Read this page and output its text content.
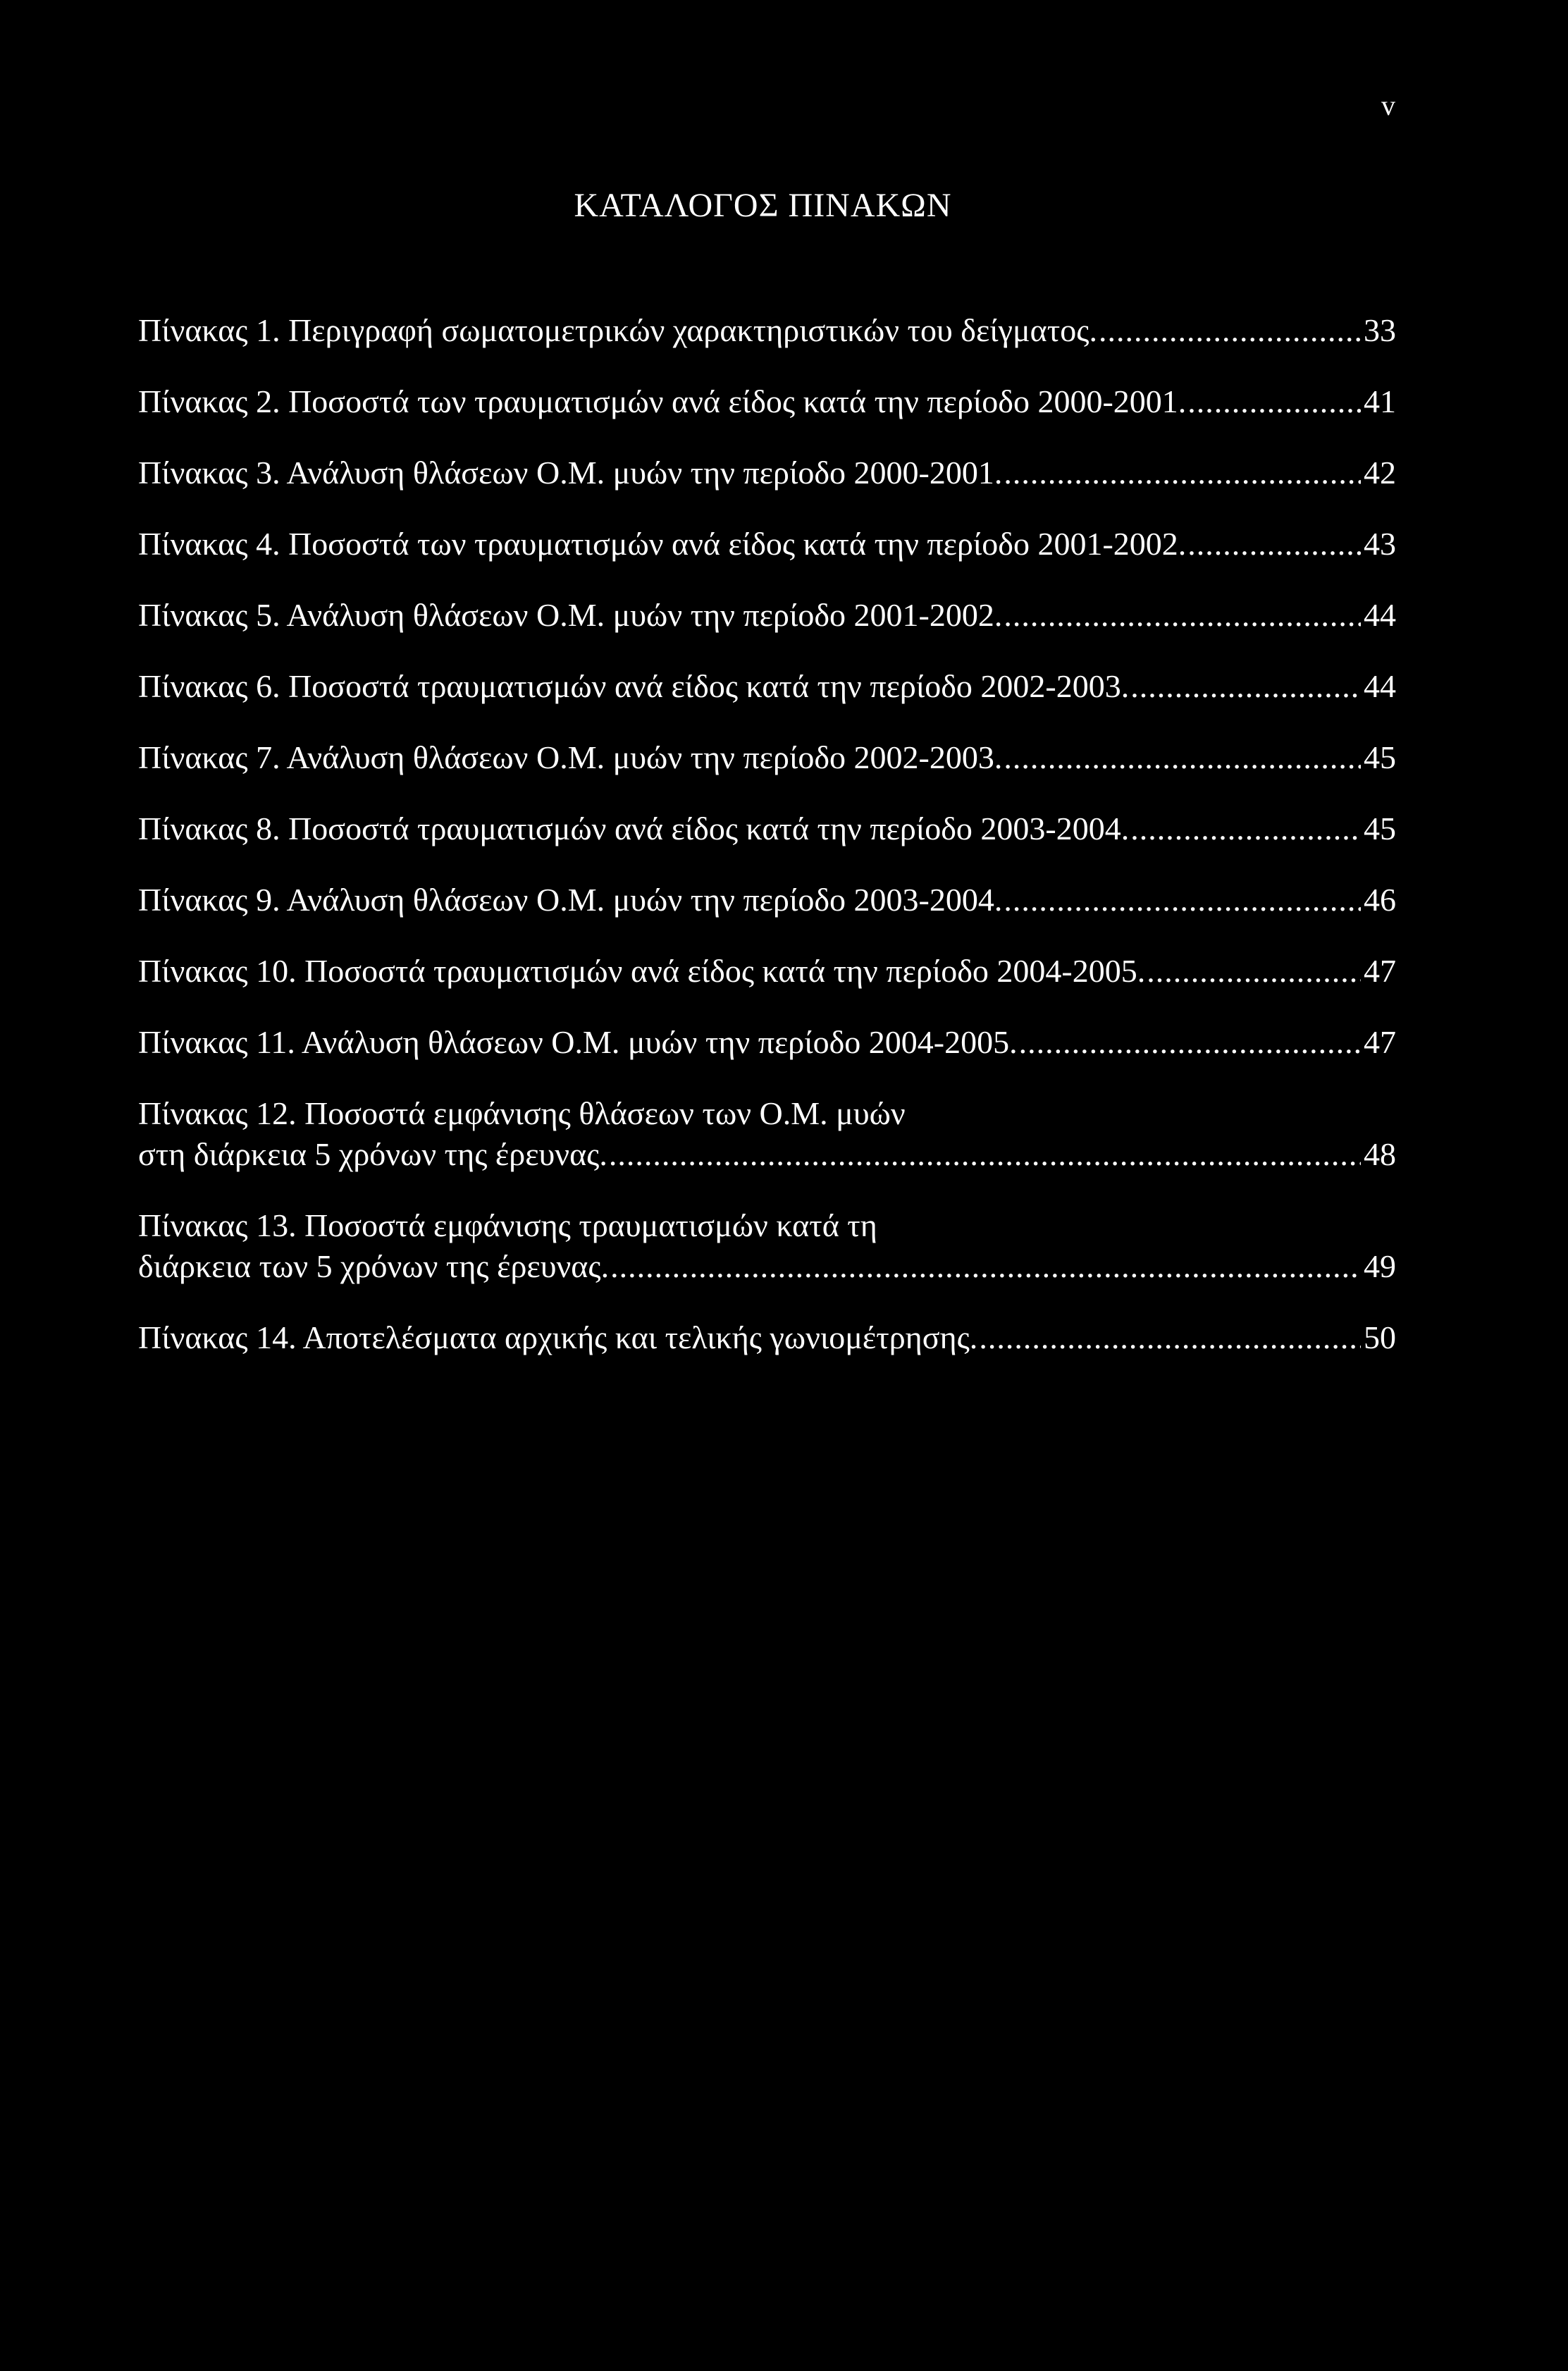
v
ΚΑΤΑΛΟΓΟΣ ΠΙΝΑΚΩΝ
Πίνακας 1. Περιγραφή σωματομετρικών χαρακτηριστικών του δείγματος. .....	33
Πίνακας 2. Ποσοστά των τραυματισμών ανά είδος κατά την περίοδο 2000-2001. .....	41
Πίνακας 3. Ανάλυση θλάσεων Ο.Μ. μυών την περίοδο 2000-2001. .....	42
Πίνακας 4. Ποσοστά των τραυματισμών ανά είδος κατά την περίοδο 2001-2002. .....	43
Πίνακας 5. Ανάλυση θλάσεων Ο.Μ. μυών την περίοδο 2001-2002. .....	44
Πίνακας 6. Ποσοστά τραυματισμών ανά είδος κατά την περίοδο 2002-2003. .....	44
Πίνακας 7. Ανάλυση θλάσεων Ο.Μ. μυών την περίοδο 2002-2003. .....	45
Πίνακας 8. Ποσοστά τραυματισμών ανά είδος κατά την περίοδο 2003-2004. .....	45
Πίνακας 9. Ανάλυση θλάσεων Ο.Μ. μυών την περίοδο 2003-2004. .....	46
Πίνακας 10. Ποσοστά τραυματισμών ανά είδος κατά την περίοδο 2004-2005. .....	47
Πίνακας 11. Ανάλυση θλάσεων Ο.Μ. μυών την περίοδο 2004-2005. .....	47
Πίνακας 12. Ποσοστά εμφάνισης θλάσεων των Ο.Μ. μυών
στη διάρκεια 5 χρόνων της έρευνας. .....	48
Πίνακας 13. Ποσοστά εμφάνισης τραυματισμών κατά τη
διάρκεια των 5 χρόνων της έρευνας. .....	49
Πίνακας 14. Αποτελέσματα αρχικής και τελικής γωνιομέτρησης. .....	50
